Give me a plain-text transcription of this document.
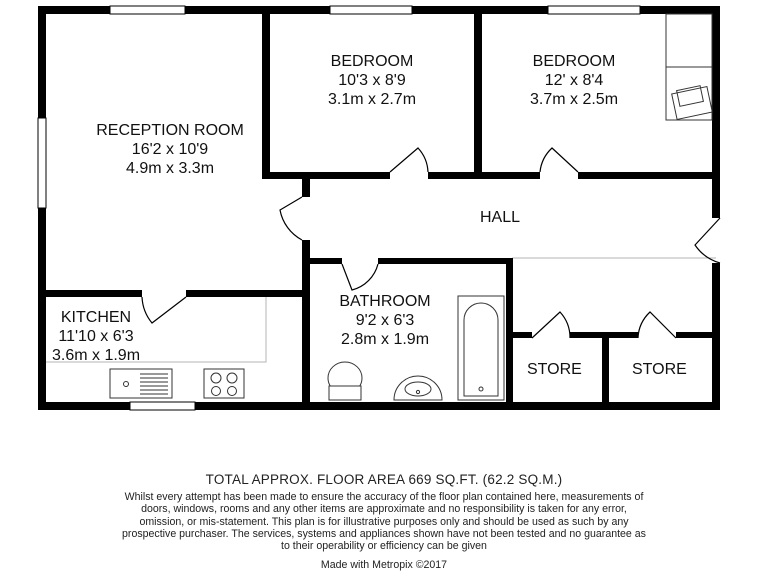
RECEPTION ROOM
16'2 x 10'9
4.9m x 3.3m
BEDROOM
10'3 x 8'9
3.1m x 2.7m
BEDROOM
12' x 8'4
3.7m x 2.5m
HALL
KITCHEN
11'10 x 6'3
3.6m x 1.9m
BATHROOM
9'2 x 6'3
2.8m x 1.9m
STORE	STORE
TOTAL APPROX. FLOOR AREA 669 SQ.FT. (62.2 SQ.M.)
Whilst every attempt has been made to ensure the accuracy of the floor plan contained here, measurements of doors, windows, rooms and any other items are approximate and no responsibility is taken for any error, omission, or mis-statement. This plan is for illustrative purposes only and should be used as such by any prospective purchaser. The services, systems and appliances shown have not been tested and no guarantee as to their operability or efficiency can be given
Made with Metropix ©2017
